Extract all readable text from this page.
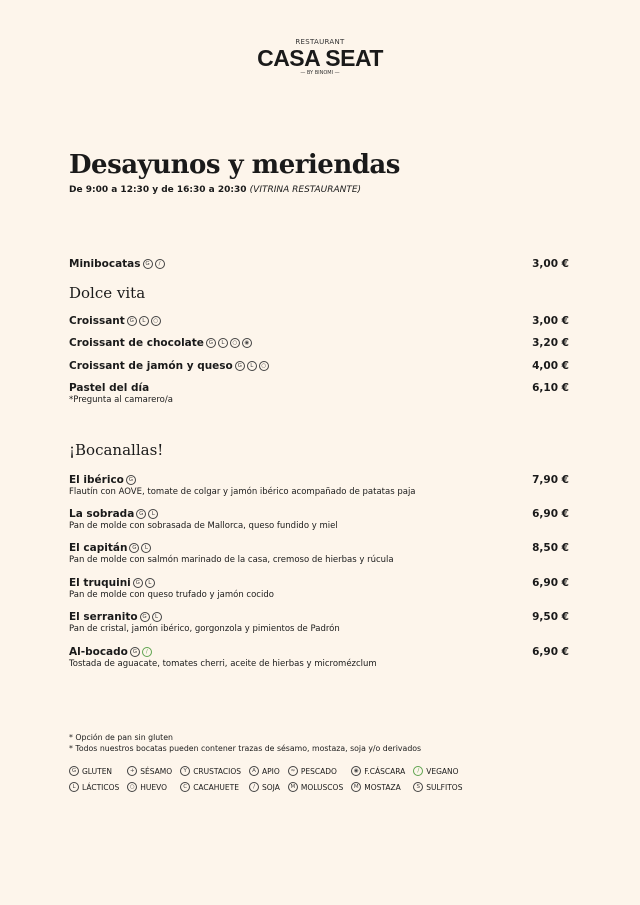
RESTAURANT
CASA SEAT
— BY BINOMI —
Desayunos y meriendas
De 9:00 a 12:30 y de 16:30 a 20:30 (VITRINA RESTAURANTE)
Minibocatas G	/	3,00 €
Dolce vita
Croissant G	L	○	3,00 €
Croissant de chocolate G	L	○	◉	3,20 €
Croissant de jamón y queso G	L	○	4,00 €
Pastel del día	6,10 €
*Pregunta al camarero/a
¡Bocanallas!
El ibérico G	7,90 €
Flautín con AOVE, tomate de colgar y jamón ibérico acompañado de patatas paja
La sobrada G	L	6,90 €
Pan de molde con sobrasada de Mallorca, queso fundido y miel
El capitán G	L	8,50 €
Pan de molde con salmón marinado de la casa, cremoso de hierbas y rúcula
El truquini G	L	6,90 €
Pan de molde con queso trufado y jamón cocido
El serranito G	L	9,50 €
Pan de cristal, jamón ibérico, gorgonzola y pimientos de Padrón
Al-bocado G	/	6,90 €
Tostada de aguacate, tomates cherri, aceite de hierbas y micromézclum
* Opción de pan sin gluten
* Todos nuestros bocatas pueden contener trazas de sésamo, mostaza, soja y/o derivados
G GLUTEN	+ SÉSAMO	Y CRUSTACIOS	A APIO	≈ PESCADO	◉ F.CÁSCARA	/ VEGANO
L LÁCTICOS	○ HUEVO	C CACAHUETE	/ SOJA	M MOLUSCOS	M MOSTAZA	S SULFITOS
